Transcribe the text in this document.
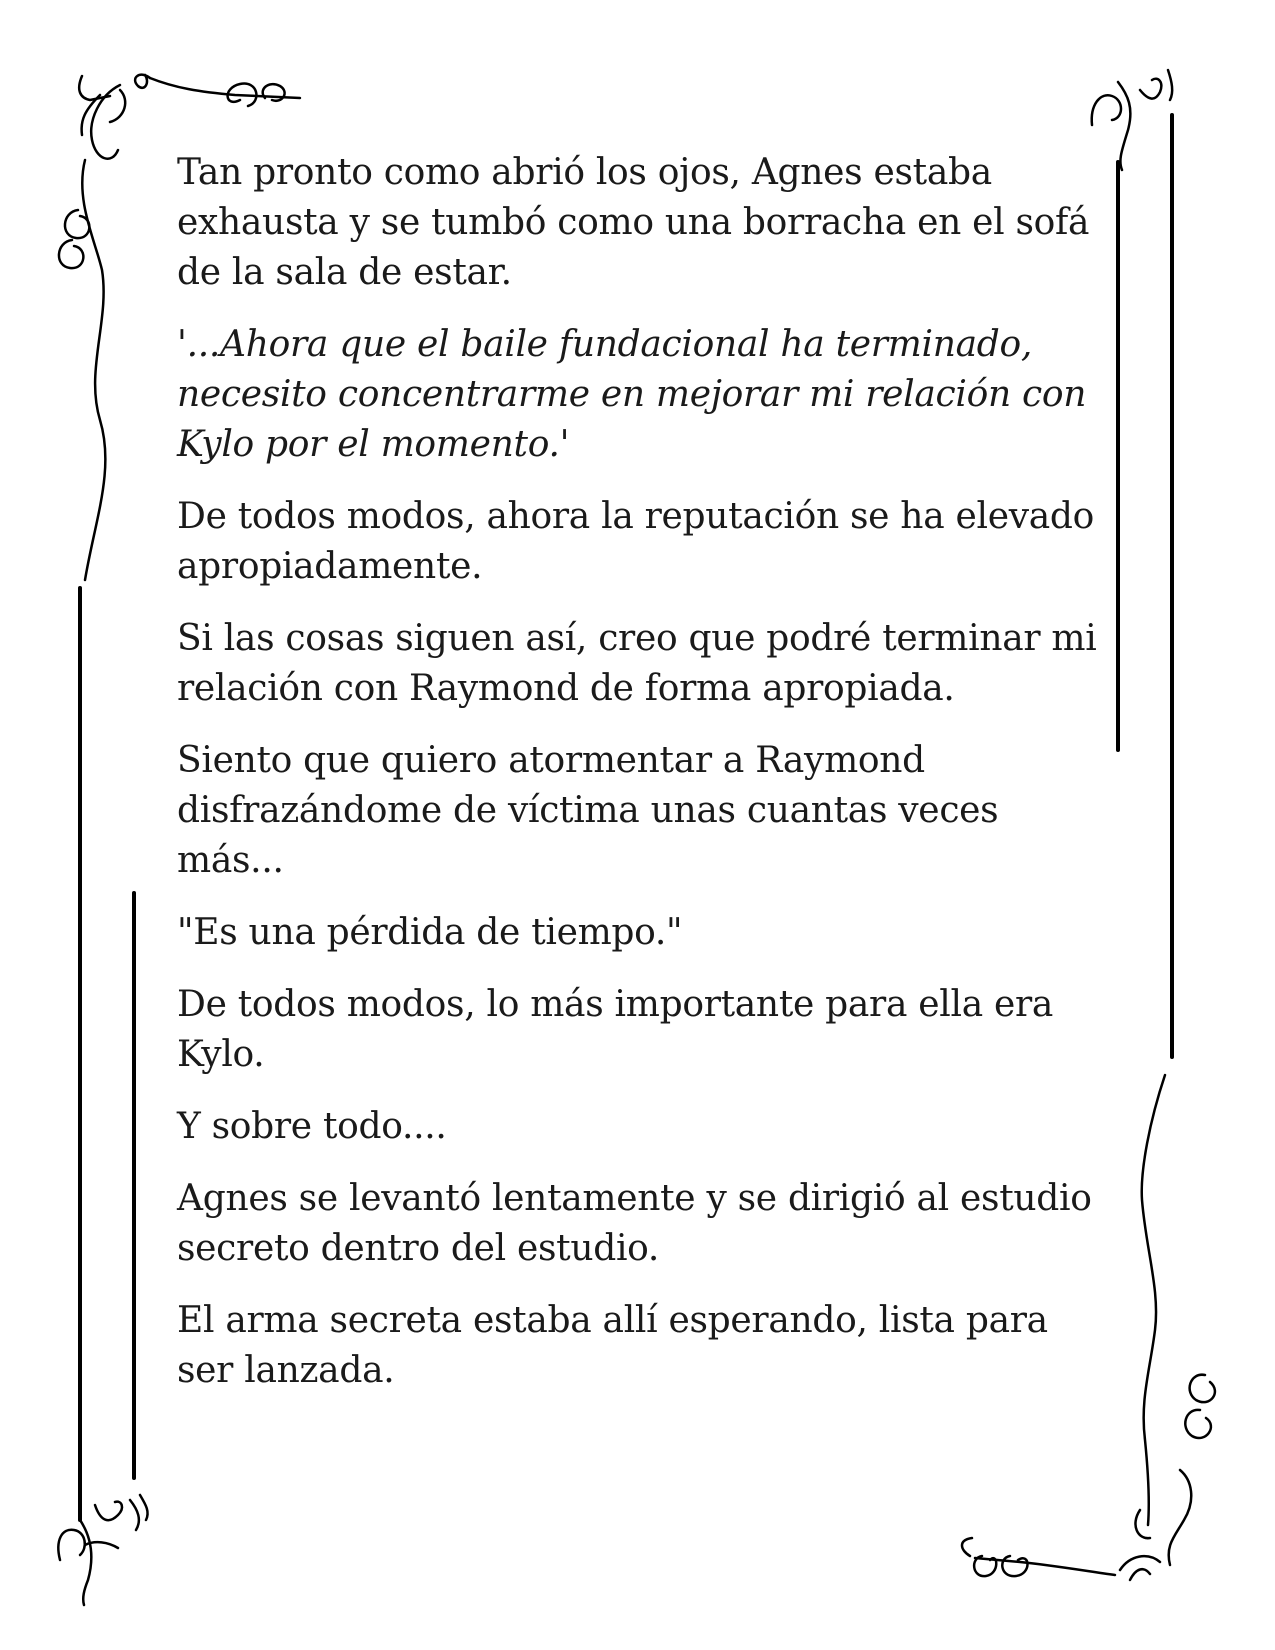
Tan pronto como abrió los ojos, Agnes estaba exhausta y se tumbó como una borracha en el sofá de la sala de estar.

'...Ahora que el baile fundacional ha terminado, necesito concentrarme en mejorar mi relación con Kylo por el momento.'

De todos modos, ahora la reputación se ha elevado apropiadamente.

Si las cosas siguen así, creo que podré terminar mi relación con Raymond de forma apropiada.

Siento que quiero atormentar a Raymond disfrazándome de víctima unas cuantas veces más...

"Es una pérdida de tiempo."

De todos modos, lo más importante para ella era Kylo.

Y sobre todo....

Agnes se levantó lentamente y se dirigió al estudio secreto dentro del estudio.

El arma secreta estaba allí esperando, lista para ser lanzada.
